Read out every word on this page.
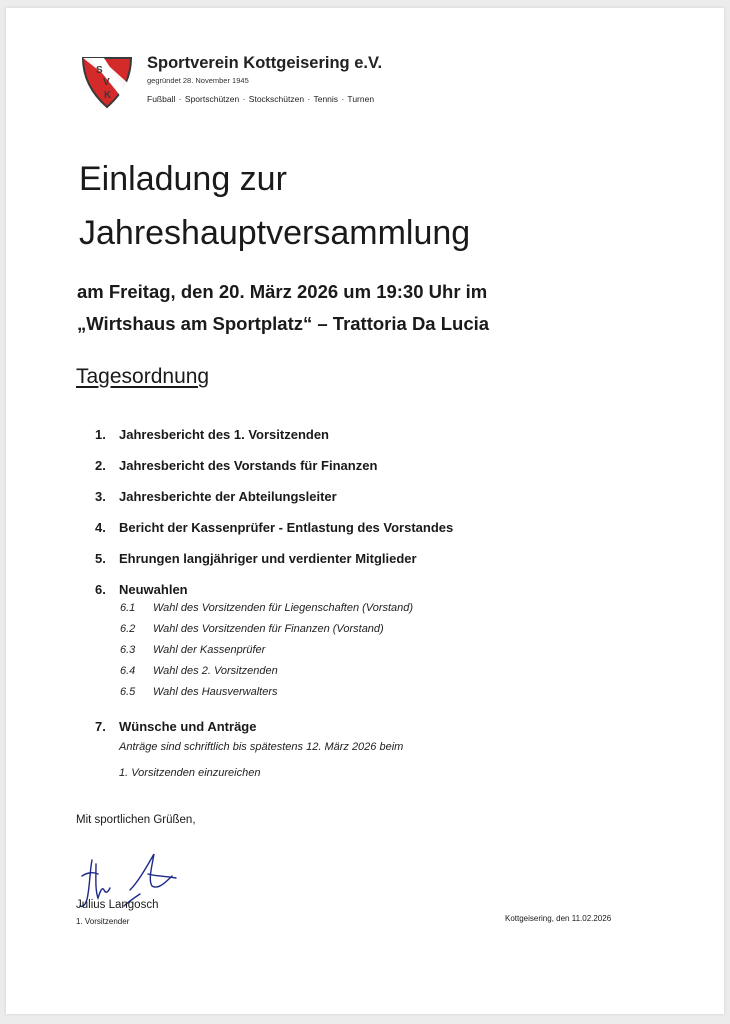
S
V
K
Sportverein Kottgeisering e.V.
gegründet 28. November 1945
Fußball · Sportschützen · Stockschützen · Tennis · Turnen
Einladung zur
Jahreshauptversammlung
am Freitag, den 20. März 2026 um 19:30 Uhr im
„Wirtshaus am Sportplatz“ – Trattoria Da Lucia
Tagesordnung
1. Jahresbericht des 1. Vorsitzenden
2. Jahresbericht des Vorstands für Finanzen
3. Jahresberichte der Abteilungsleiter
4. Bericht der Kassenprüfer - Entlastung des Vorstandes
5. Ehrungen langjähriger und verdienter Mitglieder
6. Neuwahlen
6.1 Wahl des Vorsitzenden für Liegenschaften (Vorstand)
6.2 Wahl des Vorsitzenden für Finanzen (Vorstand)
6.3 Wahl der Kassenprüfer
6.4 Wahl des 2. Vorsitzenden
6.5 Wahl des Hausverwalters
7. Wünsche und Anträge
Anträge sind schriftlich bis spätestens 12. März 2026 beim
1. Vorsitzenden einzureichen
Mit sportlichen Grüßen,
Julius Langosch
1. Vorsitzender	Kottgeisering, den 11.02.2026
